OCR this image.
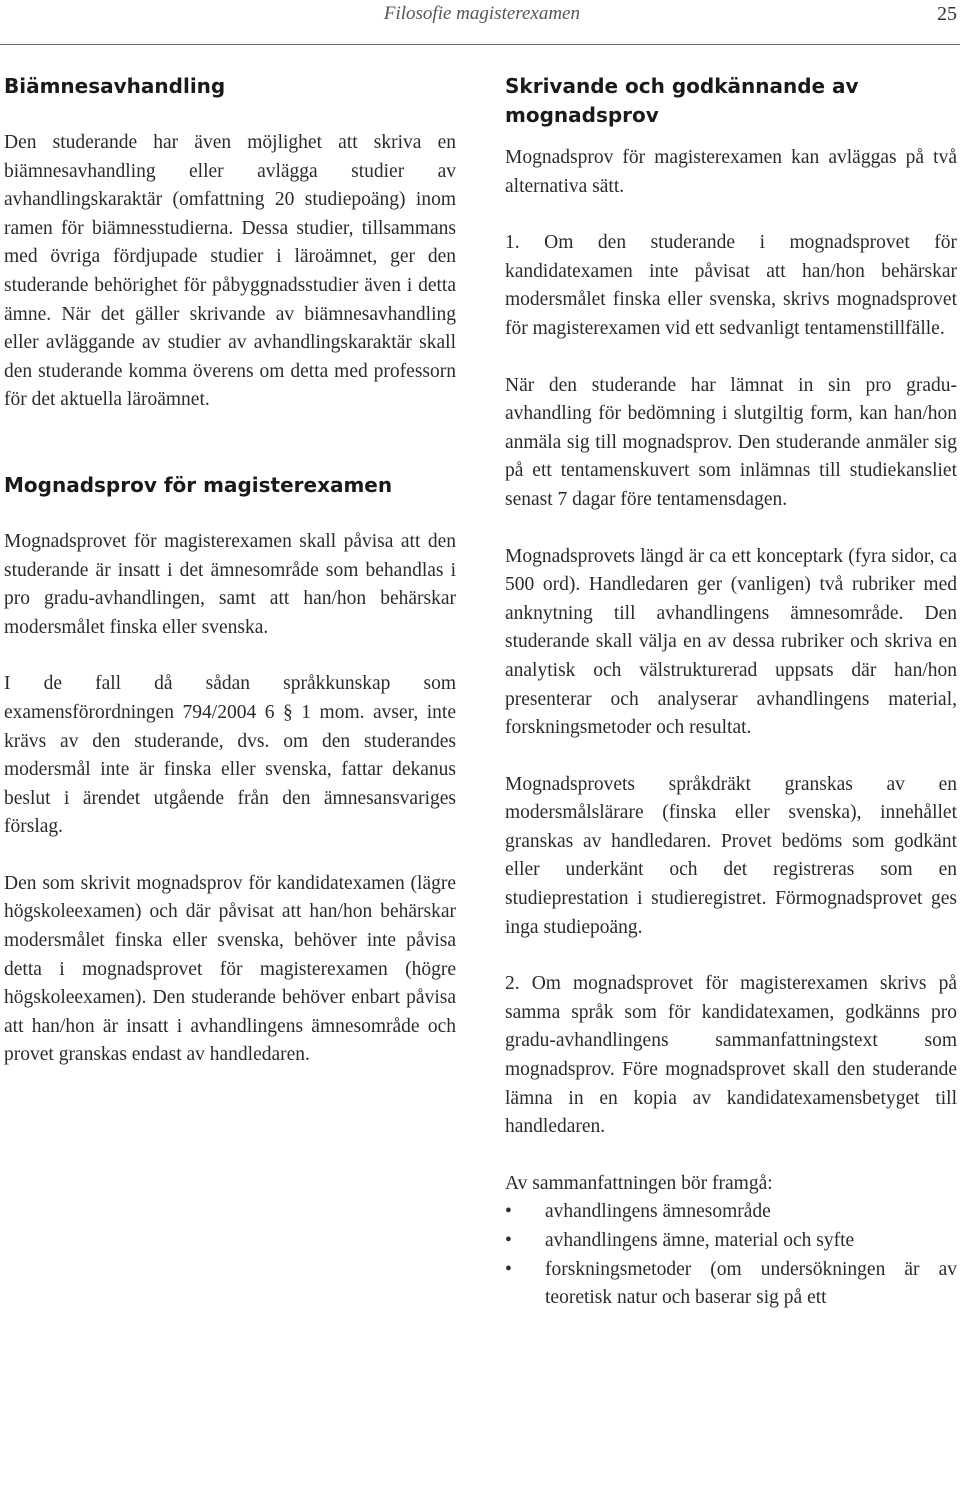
Filosofie magisterexamen	25
Biämnesavhandling

Den studerande har även möjlighet att skriva en biämnesavhandling eller avlägga studier av avhandlingskaraktär (omfattning 20 studiepoäng) inom ramen för biämnesstudierna. Dessa studier, tillsammans med övriga fördjupade studier i läroämnet, ger den studerande behörighet för påbyggnadsstudier även i detta ämne. När det gäller skrivande av biämnesavhandling eller avläggande av studier av avhandlingskaraktär skall den studerande komma överens om detta med professorn för det aktuella läroämnet.

Mognadsprov för magisterexamen

Mognadsprovet för magisterexamen skall påvisa att den studerande är insatt i det ämnesområde som behandlas i pro gradu-avhandlingen, samt att han/hon behärskar modersmålet finska eller svenska.

I de fall då sådan språkkunskap som examensförordningen 794/2004 6 § 1 mom. avser, inte krävs av den studerande, dvs. om den studerandes modersmål inte är finska eller svenska, fattar dekanus beslut i ärendet utgående från den ämnesansvariges förslag.

Den som skrivit mognadsprov för kandidatexamen (lägre högskoleexamen) och där påvisat att han/hon behärskar modersmålet finska eller svenska, behöver inte påvisa detta i mognadsprovet för magisterexamen (högre högskoleexamen). Den studerande behöver enbart påvisa att han/hon är insatt i avhandlingens ämnesområde och provet granskas endast av handledaren.

Skrivande och godkännande av mognadsprov

Mognadsprov för magisterexamen kan avläggas på två alternativa sätt.

1. Om den studerande i mognadsprovet för kandidatexamen inte påvisat att han/hon behärskar modersmålet finska eller svenska, skrivs mognadsprovet för magisterexamen vid ett sedvanligt tentamenstillfälle.

När den studerande har lämnat in sin pro gradu-avhandling för bedömning i slutgiltig form, kan han/hon anmäla sig till mognadsprov. Den studerande anmäler sig på ett tentamenskuvert som inlämnas till studiekansliet senast 7 dagar före tentamensdagen.

Mognadsprovets längd är ca ett konceptark (fyra sidor, ca 500 ord). Handledaren ger (vanligen) två rubriker med anknytning till avhandlingens ämnesområde. Den studerande skall välja en av dessa rubriker och skriva en analytisk och välstrukturerad uppsats där han/hon presenterar och analyserar avhandlingens material, forskningsmetoder och resultat.

Mognadsprovets språkdräkt granskas av en modersmålslärare (finska eller svenska), innehållet granskas av handledaren. Provet bedöms som godkänt eller underkänt och det registreras som en studieprestation i studieregistret. Förmognadsprovet ges inga studiepoäng.

2. Om mognadsprovet för magisterexamen skrivs på samma språk som för kandidatexamen, godkänns pro gradu-avhandlingens sammanfattningstext som mognadsprov. Före mognadsprovet skall den studerande lämna in en kopia av kandidatexamensbetyget till handledaren.

Av sammanfattningen bör framgå:

• avhandlingens ämnesområde
• avhandlingens ämne, material och syfte
• forskningsmetoder (om undersökningen är av teoretisk natur och baserar sig på ett
